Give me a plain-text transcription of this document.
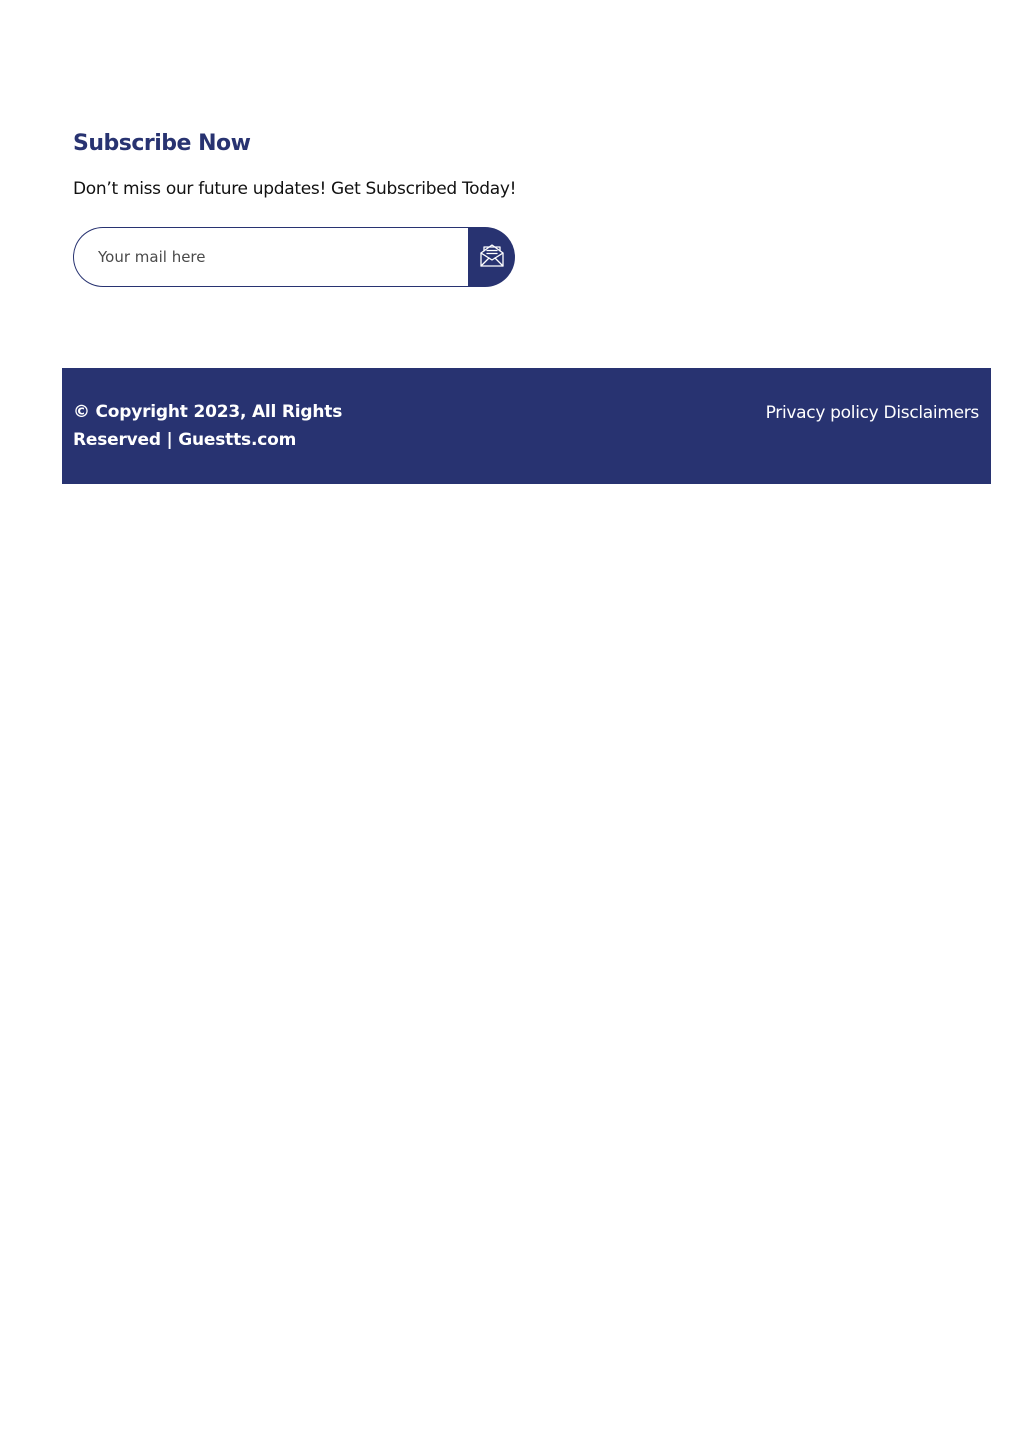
Subscribe Now

Don’t miss our future updates! Get Subscribed Today!

Your mail here

© Copyright 2023, All Rights Reserved | Guestts.com

Privacy policy Disclaimers
